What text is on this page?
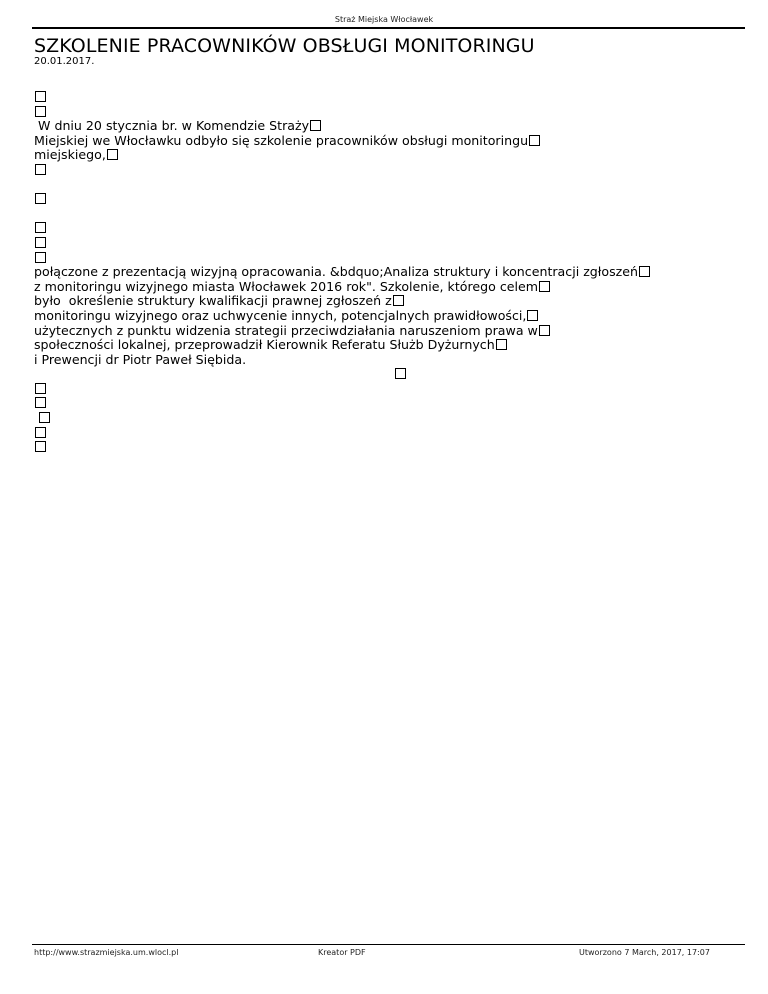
Straż Miejska Włocławek
SZKOLENIE PRACOWNIKÓW OBSŁUGI MONITORINGU
20.01.2017.
W dniu 20 stycznia br. w Komendzie Straży
Miejskiej we Włocławku odbyło się szkolenie pracowników obsługi monitoringu
miejskiego,
połączone z prezentacją wizyjną opracowania. &bdquo;Analiza struktury i koncentracji zgłoszeń
z monitoringu wizyjnego miasta Włocławek 2016 rok". Szkolenie, którego celem
było  określenie struktury kwalifikacji prawnej zgłoszeń z
monitoringu wizyjnego oraz uchwycenie innych, potencjalnych prawidłowości,
użytecznych z punktu widzenia strategii przeciwdziałania naruszeniom prawa w
społeczności lokalnej, przeprowadził Kierownik Referatu Służb Dyżurnych
i Prewencji dr Piotr Paweł Siębida.

http://www.strazmiejska.um.wlocl.pl	Kreator PDF	Utworzono 7 March, 2017, 17:07
